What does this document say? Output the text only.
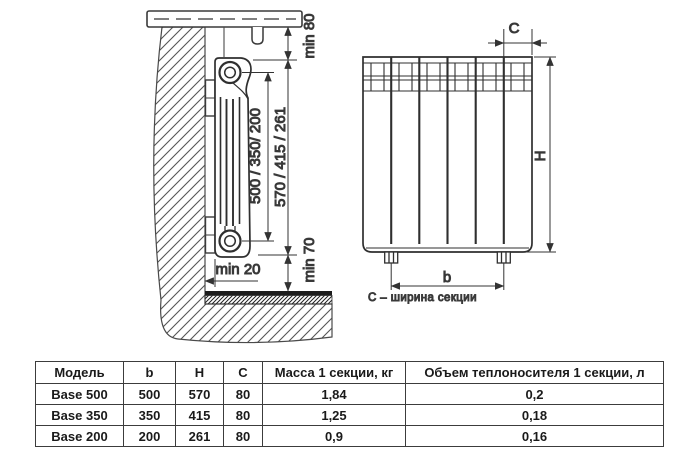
min 80
570 / 415 / 261
500 / 350/ 200
min 70
min 20
C
H
b
С – ширина секции
Модель	b	H	C	Масса 1 секции, кг	Объем теплоносителя 1 секции, л
Base 500	500	570	80	1,84	0,2
Base 350	350	415	80	1,25	0,18
Base 200	200	261	80	0,9	0,16
